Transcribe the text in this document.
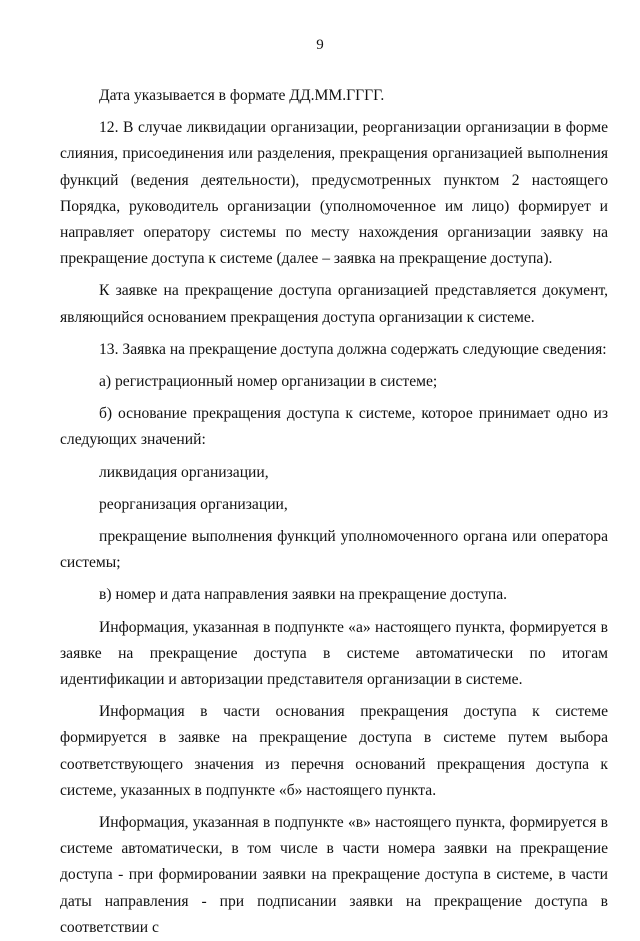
9

Дата указывается в формате ДД.ММ.ГГГГ.

12. В случае ликвидации организации, реорганизации организации в форме слияния, присоединения или разделения, прекращения организацией выполнения функций (ведения деятельности), предусмотренных пунктом 2 настоящего Порядка, руководитель организации (уполномоченное им лицо) формирует и направляет оператору системы по месту нахождения организации заявку на прекращение доступа к системе (далее – заявка на прекращение доступа).

К заявке на прекращение доступа организацией представляется документ, являющийся основанием прекращения доступа организации к системе.

13. Заявка на прекращение доступа должна содержать следующие сведения:

а) регистрационный номер организации в системе;

б) основание прекращения доступа к системе, которое принимает одно из следующих значений:

ликвидация организации,

реорганизация организации,

прекращение выполнения функций уполномоченного органа или оператора системы;

в) номер и дата направления заявки на прекращение доступа.

Информация, указанная в подпункте «а» настоящего пункта, формируется в заявке на прекращение доступа в системе автоматически по итогам идентификации и авторизации представителя организации в системе.

Информация в части основания прекращения доступа к системе формируется в заявке на прекращение доступа в системе путем выбора соответствующего значения из перечня оснований прекращения доступа к системе, указанных в подпункте «б» настоящего пункта.

Информация, указанная в подпункте «в» настоящего пункта, формируется в системе автоматически, в том числе в части номера заявки на прекращение доступа - при формировании заявки на прекращение доступа в системе, в части даты направления - при подписании заявки на прекращение доступа в соответствии с
